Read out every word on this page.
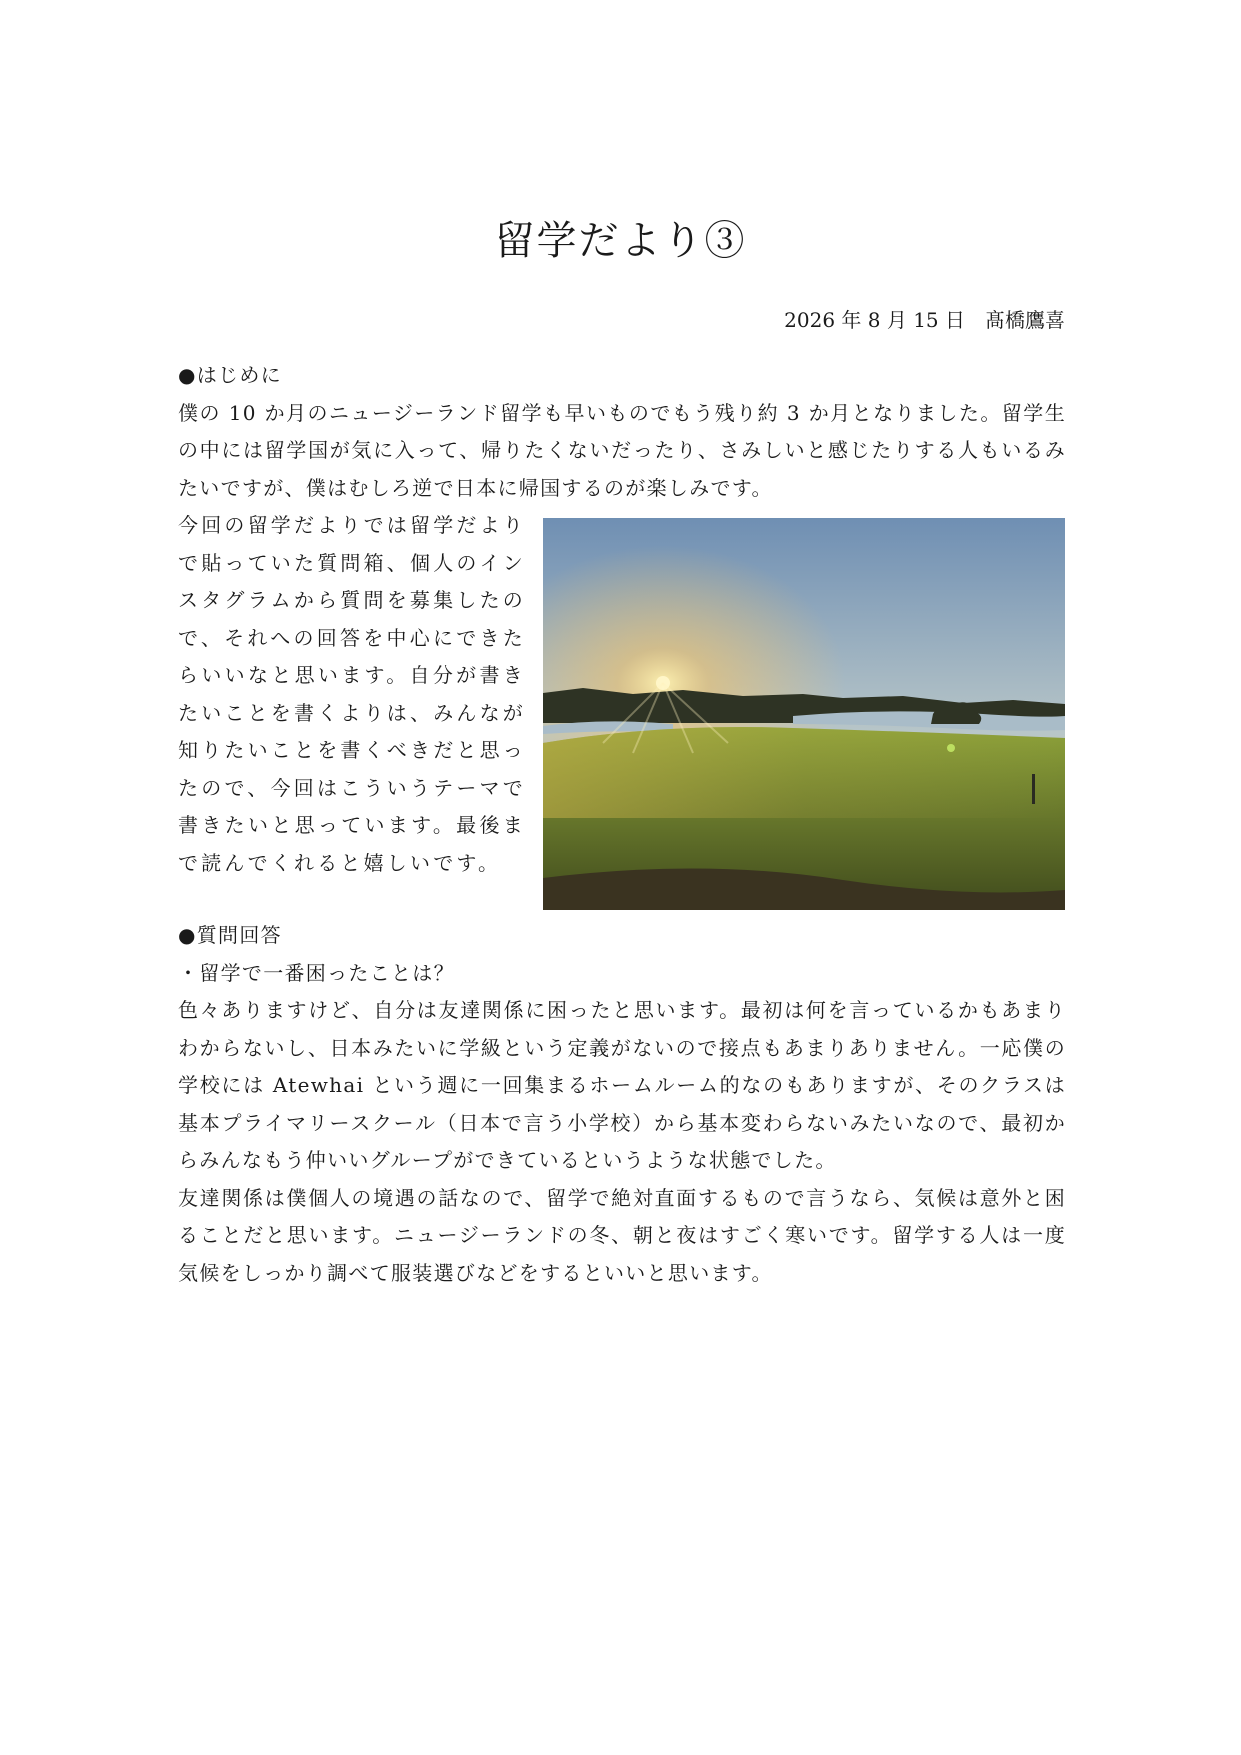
留学だより③
2026 年 8 月 15 日　 髙橋鷹喜

●はじめに

僕の 10 か月のニュージーランド留学も早いものでもう残り約 3 か月となりました。留学生の中には留学国が気に入って、帰りたくないだったり、さみしいと感じたりする人もいるみたいですが、僕はむしろ逆で日本に帰国するのが楽しみです。

今回の留学だよりでは留学だよりで貼っていた質問箱、個人のインスタグラムから質問を募集したので、それへの回答を中心にできたらいいなと思います。自分が書きたいことを書くよりは、みんなが知りたいことを書くべきだと思ったので、今回はこういうテーマで書きたいと思っています。最後まで読んでくれると嬉しいです。

●質問回答

・留学で一番困ったことは？

色々ありますけど、自分は友達関係に困ったと思います。最初は何を言っているかもあまりわからないし、日本みたいに学級という定義がないので接点もあまりありません。一応僕の学校には Atewhai という週に一回集まるホームルーム的なのもありますが、そのクラスは基本プライマリースクール（日本で言う小学校）から基本変わらないみたいなので、最初からみんなもう仲いいグループができているというような状態でした。

友達関係は僕個人の境遇の話なので、留学で絶対直面するもので言うなら、気候は意外と困ることだと思います。ニュージーランドの冬、朝と夜はすごく寒いです。留学する人は一度気候をしっかり調べて服装選びなどをするといいと思います。
